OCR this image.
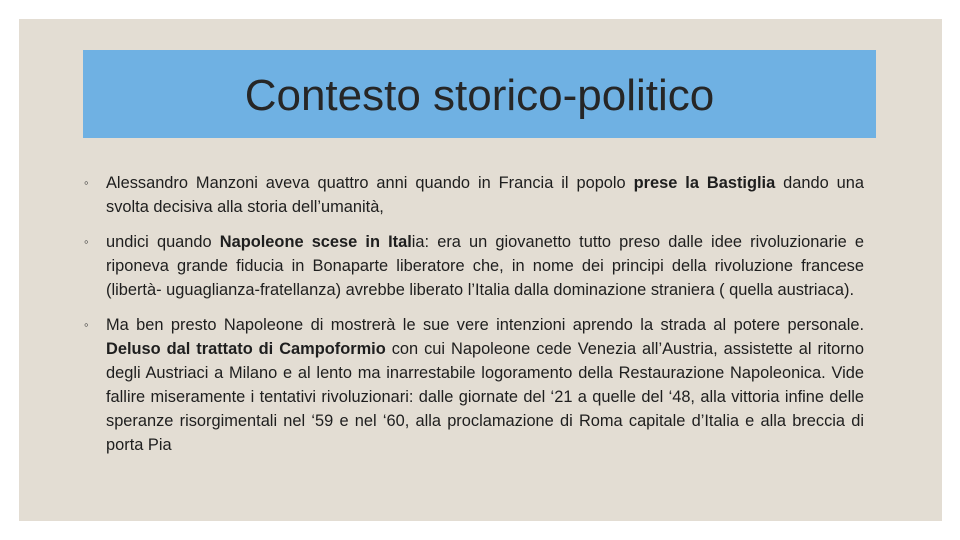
Contesto storico-politico

◦ Alessandro Manzoni aveva quattro anni quando in Francia il popolo prese la Bastiglia dando una svolta decisiva alla storia dell’umanità,

◦ undici quando Napoleone scese in Italia: era un giovanetto tutto preso dalle idee rivoluzionarie e riponeva grande fiducia in Bonaparte liberatore che, in nome dei principi della rivoluzione francese (libertà- uguaglianza-fratellanza) avrebbe liberato l’Italia dalla dominazione straniera ( quella austriaca).

◦ Ma ben presto Napoleone di mostrerà le sue vere intenzioni aprendo la strada al potere personale. Deluso dal trattato di Campoformio con cui Napoleone cede Venezia all’Austria, assistette al ritorno degli Austriaci a Milano e al lento ma inarrestabile logoramento della Restaurazione Napoleonica. Vide fallire miseramente i tentativi rivoluzionari: dalle giornate del ‘21 a quelle del ‘48, alla vittoria infine delle speranze risorgimentali nel ‘59 e nel ‘60, alla proclamazione di Roma capitale d’Italia e alla breccia di porta Pia
